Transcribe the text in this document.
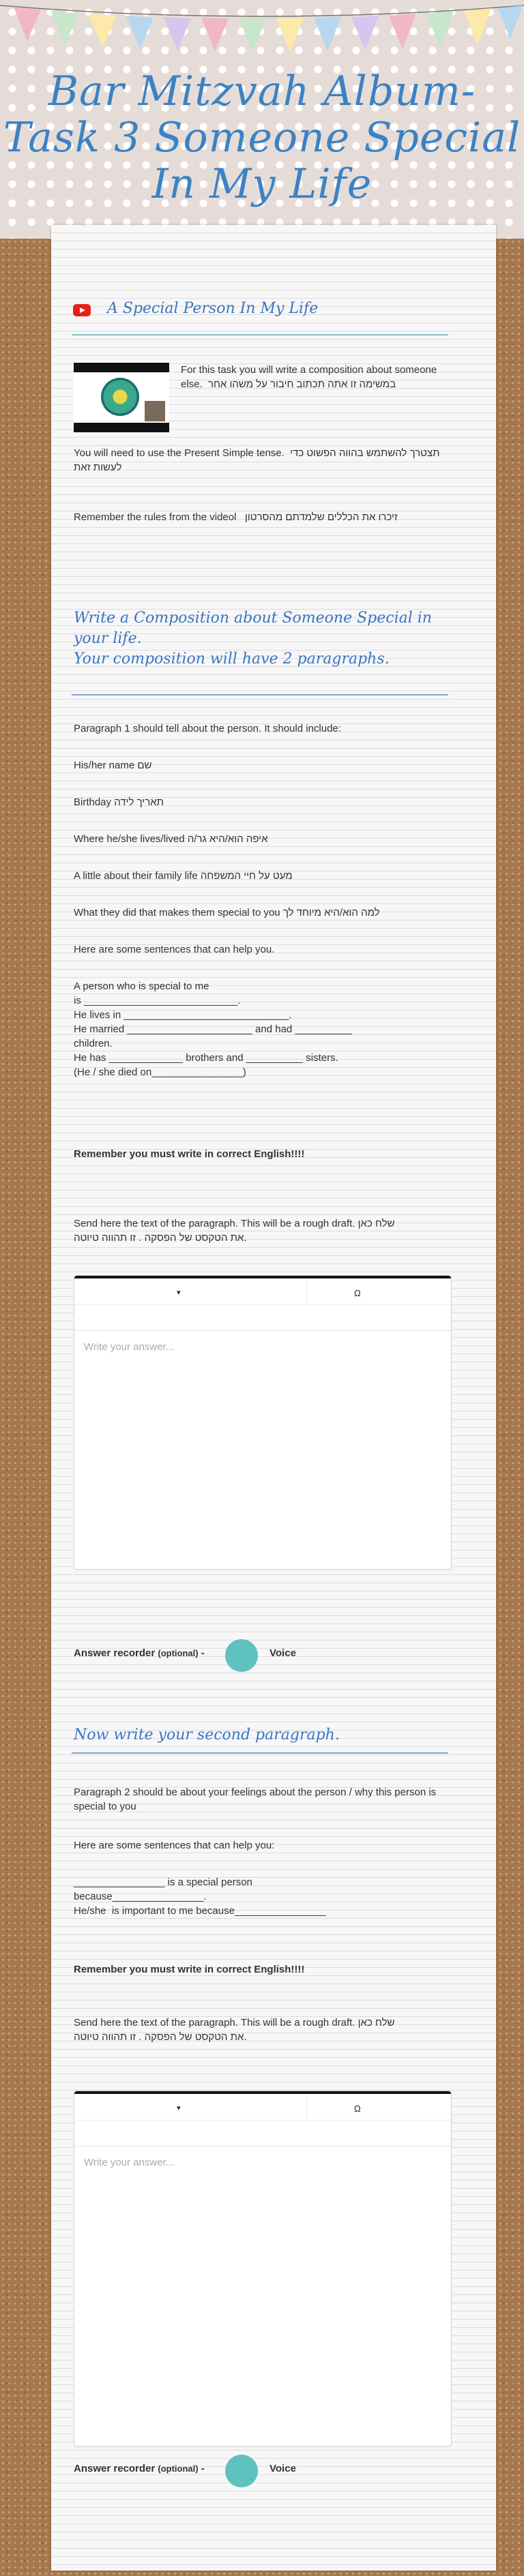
Bar Mitzvah Album- Task 3 Someone Special In My Life
A Special Person In My Life
For this task you will write a composition about someone else.  במשימה זו אתה תכתוב חיבור על משהו אחר
You will need to use the Present Simple tense.  תצטרך להשתמש בהווה הפשוט כדי לעשות זאת
Remember the rules from the videol   זיכרו את הכללים שלמדתם מהסרטון
Write a Composition about Someone Special in
your life.
Your composition will have 2 paragraphs.
Paragraph 1 should tell about the person. It should include:
His/her name שם
Birthday תאריך לידה
Where he/she lives/lived איפה הוא/היא גר/ה
A little about their family life מעט על חיי המשפחה
What they did that makes them special to you למה הוא/היא מיוחד לך
Here are some sentences that can help you.
A person who is special to me
is ___________________________.
He lives in _____________________________.
He married ______________________ and had __________
children.
He has _____________ brothers and __________ sisters.
(He / she died on________________)
Remember you must write in correct English!!!!
Send here the text of the paragraph. This will be a rough draft. שלח כאן את הטקסט של הפסקה . זו תהווה טיוטה.
▾	Ω
Write your answer...
Answer recorder (optional) -	Voice
Now write your second paragraph.
Paragraph 2 should be about your feelings about the person / why this person is special to you
Here are some sentences that can help you:
________________ is a special person
because________________.
He/she  is important to me because________________
Remember you must write in correct English!!!!
Send here the text of the paragraph. This will be a rough draft. שלח כאן את הטקסט של הפסקה . זו תהווה טיוטה.
▾	Ω
Write your answer...
Answer recorder (optional) -	Voice
